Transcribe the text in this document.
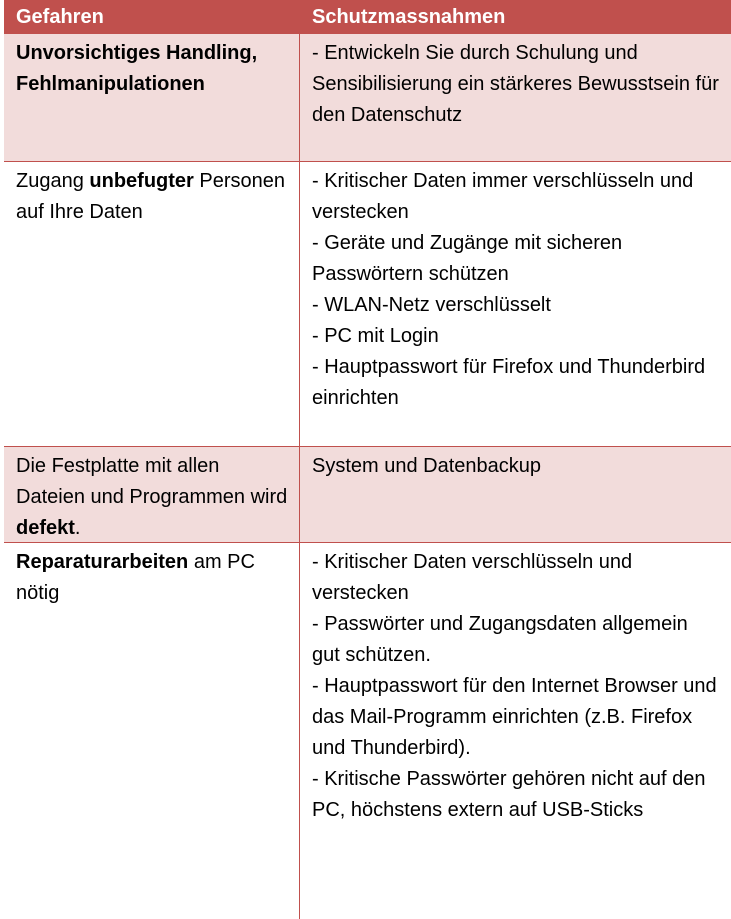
Gefahren	Schutzmassnahmen
Unvorsichtiges Handling, Fehlmanipulationen
- Entwickeln Sie durch Schulung und Sensibilisierung ein stärkeres Bewusstsein für den Datenschutz
Zugang unbefugter Personen auf Ihre Daten
- Kritischer Daten immer verschlüsseln und verstecken
- Geräte und Zugänge mit sicheren Passwörtern schützen
- WLAN-Netz verschlüsselt
- PC mit Login
- Hauptpasswort für Firefox und Thunderbird einrichten
Die Festplatte mit allen Dateien und Programmen wird defekt.
System und Datenbackup
Reparaturarbeiten am PC nötig
- Kritischer Daten verschlüsseln und verstecken
- Passwörter und Zugangsdaten allgemein gut schützen.
- Hauptpasswort für den Internet Browser und das Mail-Programm einrichten (z.B. Firefox und Thunderbird).
- Kritische Passwörter gehören nicht auf den PC, höchstens extern auf USB-Sticks
